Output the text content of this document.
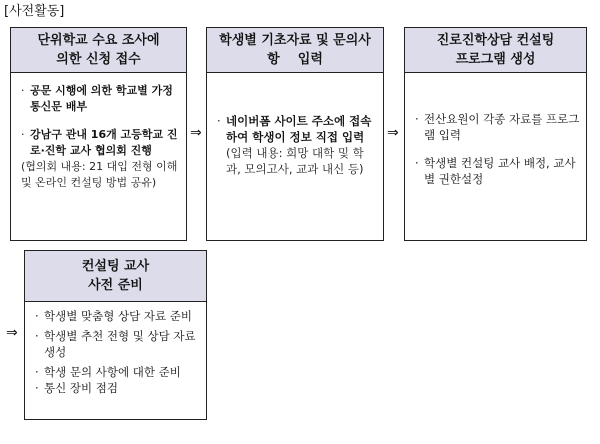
[사전활동]
단위학교 수요 조사에
의한 신청 접수
· 공문 시행에 의한 학교별 가정통신문 배부
· 강남구 관내 16개 고등학교 진로·진학 교사 협의회 진행
(협의회 내용: 21 대입 전형 이해 및 온라인 컨설팅 방법 공유)
⇒
학생별 기초자료 및 문의사
항    입력
· 네이버폼 사이트 주소에 접속하여 학생이 정보 직접 입력
(입력 내용: 희망 대학 및 학과, 모의고사, 교과 내신 등)
⇒
진로진학상담 컨설팅
프로그램 생성
· 전산요원이 각종 자료를 프로그램 입력
· 학생별 컨설팅 교사 배정, 교사별 권한설정
⇒
컨설팅 교사
사전 준비
· 학생별 맞춤형 상담 자료 준비
· 학생별 추천 전형 및 상담 자료 생성
· 학생 문의 사항에 대한 준비
· 통신 장비 점검
